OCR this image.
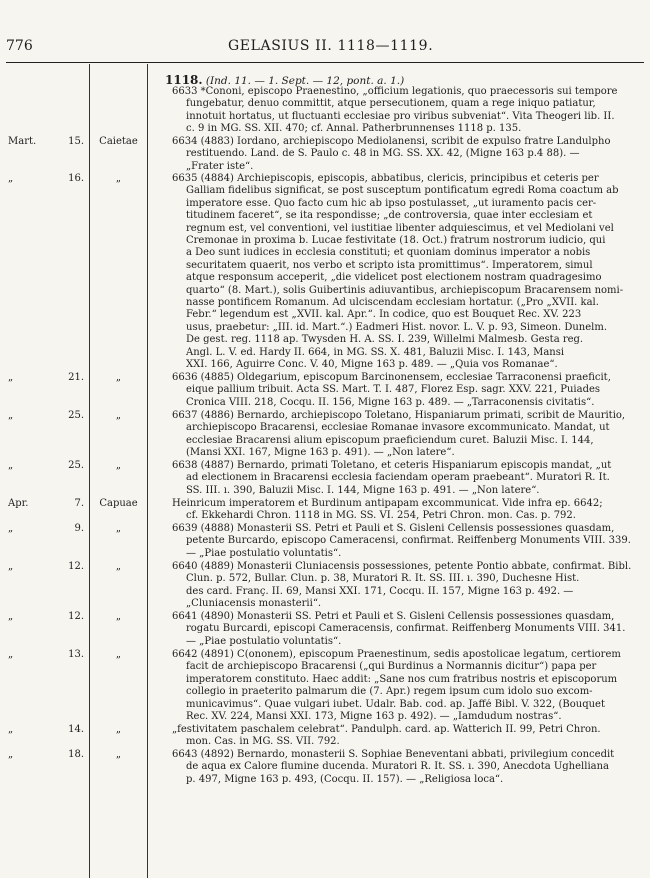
776	GELASIUS II. 1118—1119.
1118. (Ind. 11. — 1. Sept. — 12, pont. a. 1.)
6633 *Cononi, episcopo Praenestino, „officium legationis, quo praecessoris sui tempore
fungebatur, denuo committit, atque persecutionem, quam a rege iniquo patiatur,
innotuit hortatus, ut fluctuanti ecclesiae pro viribus subveniat“. Vita Theogeri lib. II.
c. 9 in MG. SS. XII. 470; cf. Annal. Patherbrunnenses 1118 p. 135.
Mart.	15.	Caietae	6634 (4883) Iordano, archiepiscopo Mediolanensi, scribit de expulso fratre Landulpho
restituendo. Land. de S. Paulo c. 48 in MG. SS. XX. 42, (Migne 163 p.4 88). —
„Frater iste“.
„	16.	„	6635 (4884) Archiepiscopis, episcopis, abbatibus, clericis, principibus et ceteris per
Galliam fidelibus significat, se post susceptum pontificatum egredi Roma coactum ab
imperatore esse. Quo facto cum hic ab ipso postulasset, „ut iuramento pacis cer-
titudinem faceret“, se ita respondisse; „de controversia, quae inter ecclesiam et
regnum est, vel conventioni, vel iustitiae libenter adquiescimus, et vel Mediolani vel
Cremonae in proxima b. Lucae festivitate (18. Oct.) fratrum nostrorum iudicio, qui
a Deo sunt iudices in ecclesia constituti; et quoniam dominus imperator a nobis
securitatem quaerit, nos verbo et scripto ista promittimus“. Imperatorem, simul
atque responsum acceperit, „die videlicet post electionem nostram quadragesimo
quarto“ (8. Mart.), solis Guibertinis adiuvantibus, archiepiscopum Bracarensem nomi-
nasse pontificem Romanum. Ad ulciscendam ecclesiam hortatur. („Pro „XVII. kal.
Febr.“ legendum est „XVII. kal. Apr.“. In codice, quo est Bouquet Rec. XV. 223
usus, praebetur: „III. id. Mart.“.) Eadmeri Hist. novor. L. V. p. 93, Simeon. Dunelm.
De gest. reg. 1118 ap. Twysden H. A. SS. I. 239, Willelmi Malmesb. Gesta reg.
Angl. L. V. ed. Hardy II. 664, in MG. SS. X. 481, Baluzii Misc. I. 143, Mansi
XXI. 166, Aguirre Conc. V. 40, Migne 163 p. 489. — „Quia vos Romanae“.
„	21.	„	6636 (4885) Oldegarium, episcopum Barcinonensem, ecclesiae Tarraconensi praeficit,
eique pallium tribuit. Acta SS. Mart. T. I. 487, Florez Esp. sagr. XXV. 221, Puiades
Cronica VIII. 218, Cocqu. II. 156, Migne 163 p. 489. — „Tarraconensis civitatis“.
„	25.	„	6637 (4886) Bernardo, archiepiscopo Toletano, Hispaniarum primati, scribit de Mauritio,
archiepiscopo Bracarensi, ecclesiae Romanae invasore excommunicato. Mandat, ut
ecclesiae Bracarensi alium episcopum praeficiendum curet. Baluzii Misc. I. 144,
(Mansi XXI. 167, Migne 163 p. 491). — „Non latere“.
„	25.	„	6638 (4887) Bernardo, primati Toletano, et ceteris Hispaniarum episcopis mandat, „ut
ad electionem in Bracarensi ecclesia faciendam operam praebeant“. Muratori R. It.
SS. III. ı. 390, Baluzii Misc. I. 144, Migne 163 p. 491. — „Non latere“.
Apr.	7.	Capuae	Heinricum imperatorem et Burdinum antipapam excommunicat. Vide infra ep. 6642;
cf. Ekkehardi Chron. 1118 in MG. SS. VI. 254, Petri Chron. mon. Cas. p. 792.
„	9.	„	6639 (4888) Monasterii SS. Petri et Pauli et S. Gisleni Cellensis possessiones quasdam,
petente Burcardo, episcopo Cameracensi, confirmat. Reiffenberg Monuments VIII. 339.
— „Piae postulatio voluntatis“.
„	12.	„	6640 (4889) Monasterii Cluniacensis possessiones, petente Pontio abbate, confirmat. Bibl.
Clun. p. 572, Bullar. Clun. p. 38, Muratori R. It. SS. III. ı. 390, Duchesne Hist.
des card. Franç. II. 69, Mansi XXI. 171, Cocqu. II. 157, Migne 163 p. 492. —
„Cluniacensis monasterii“.
„	12.	„	6641 (4890) Monasterii SS. Petri et Pauli et S. Gisleni Cellensis possessiones quasdam,
rogatu Burcardi, episcopi Cameracensis, confirmat. Reiffenberg Monuments VIII. 341.
— „Piae postulatio voluntatis“.
„	13.	„	6642 (4891) C(ononem), episcopum Praenestinum, sedis apostolicae legatum, certiorem
facit de archiepiscopo Bracarensi („qui Burdinus a Normannis dicitur“) papa per
imperatorem constituto. Haec addit: „Sane nos cum fratribus nostris et episcoporum
collegio in praeterito palmarum die (7. Apr.) regem ipsum cum idolo suo excom-
municavimus“. Quae vulgari iubet. Udalr. Bab. cod. ap. Jaffé Bibl. V. 322, (Bouquet
Rec. XV. 224, Mansi XXI. 173, Migne 163 p. 492). — „Iamdudum nostras“.
„	14.	„	„festivitatem paschalem celebrat“. Pandulph. card. ap. Watterich II. 99, Petri Chron.
mon. Cas. in MG. SS. VII. 792.
„	18.	„	6643 (4892) Bernardo, monasterii S. Sophiae Beneventani abbati, privilegium concedit
de aqua ex Calore flumine ducenda. Muratori R. It. SS. ı. 390, Anecdota Ughelliana
p. 497, Migne 163 p. 493, (Cocqu. II. 157). — „Religiosa loca“.
